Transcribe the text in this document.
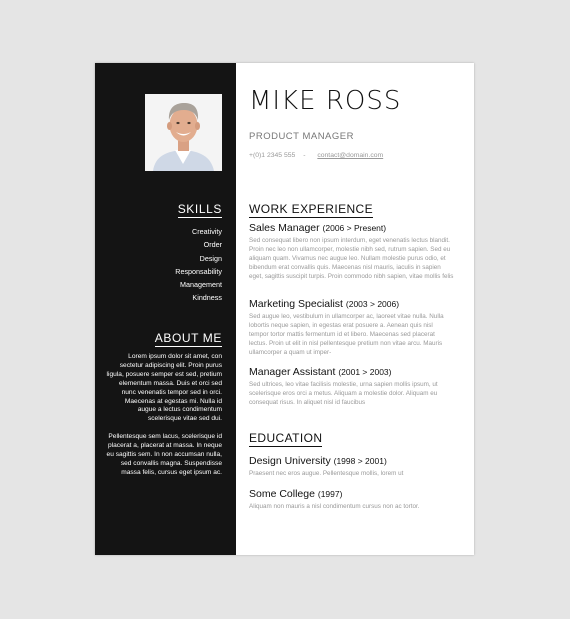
SKILLS
Creativity
Order
Design
Responsability
Management
Kindness
ABOUT ME

Lorem ipsum dolor sit amet, con sectetur adipiscing elit. Proin purus ligula, posuere semper est sed, pretium elementum massa. Duis et orci sed nunc venenatis tempor sed in orci. Maecenas at egestas mi. Nulla id augue a lectus condimentum scelerisque vitae sed dui.

Pellentesque sem lacus, scelerisque id placerat a, placerat at massa. In neque eu sagittis sem. In non accumsan nulla, sed convallis magna. Suspendisse massa felis, cursus eget ipsum ac.

MIKE ROSS
PRODUCT MANAGER
+(0)1 2345 555 - contact@domain.com
WORK EXPERIENCE
Sales Manager (2006 > Present)
Sed consequat libero non ipsum interdum, eget venenatis lectus blandit. Proin nec leo non ullamcorper, molestie nibh sed, rutrum sapien. Sed eu aliquam quam. Vivamus nec augue leo. Nullam molestie purus odio, et bibendum erat convallis quis. Maecenas nisl mauris, iaculis in sapien eget, sagittis suscipit turpis. Proin commodo nibh sapien, vitae mollis felis
Marketing Specialist (2003 > 2006)
Sed augue leo, vestibulum in ullamcorper ac, laoreet vitae nulla. Nulla lobortis neque sapien, in egestas erat posuere a. Aenean quis nisl tempor tortor mattis fermentum id et libero. Maecenas sed placerat lectus. Proin ut elit in nisl pellentesque pretium non vitae arcu. Mauris ullamcorper a quam ut imper-
Manager Assistant (2001 > 2003)
Sed ultrices, leo vitae facilisis molestie, urna sapien mollis ipsum, ut scelerisque eros orci a metus. Aliquam a molestie dolor. Aliquam eu consequat risus. In aliquet nisl id faucibus
EDUCATION
Design University (1998 > 2001)
Praesent nec eros augue. Pellentesque mollis, lorem ut
Some College (1997)
Aliquam non mauris a nisl condimentum cursus non ac tortor.
